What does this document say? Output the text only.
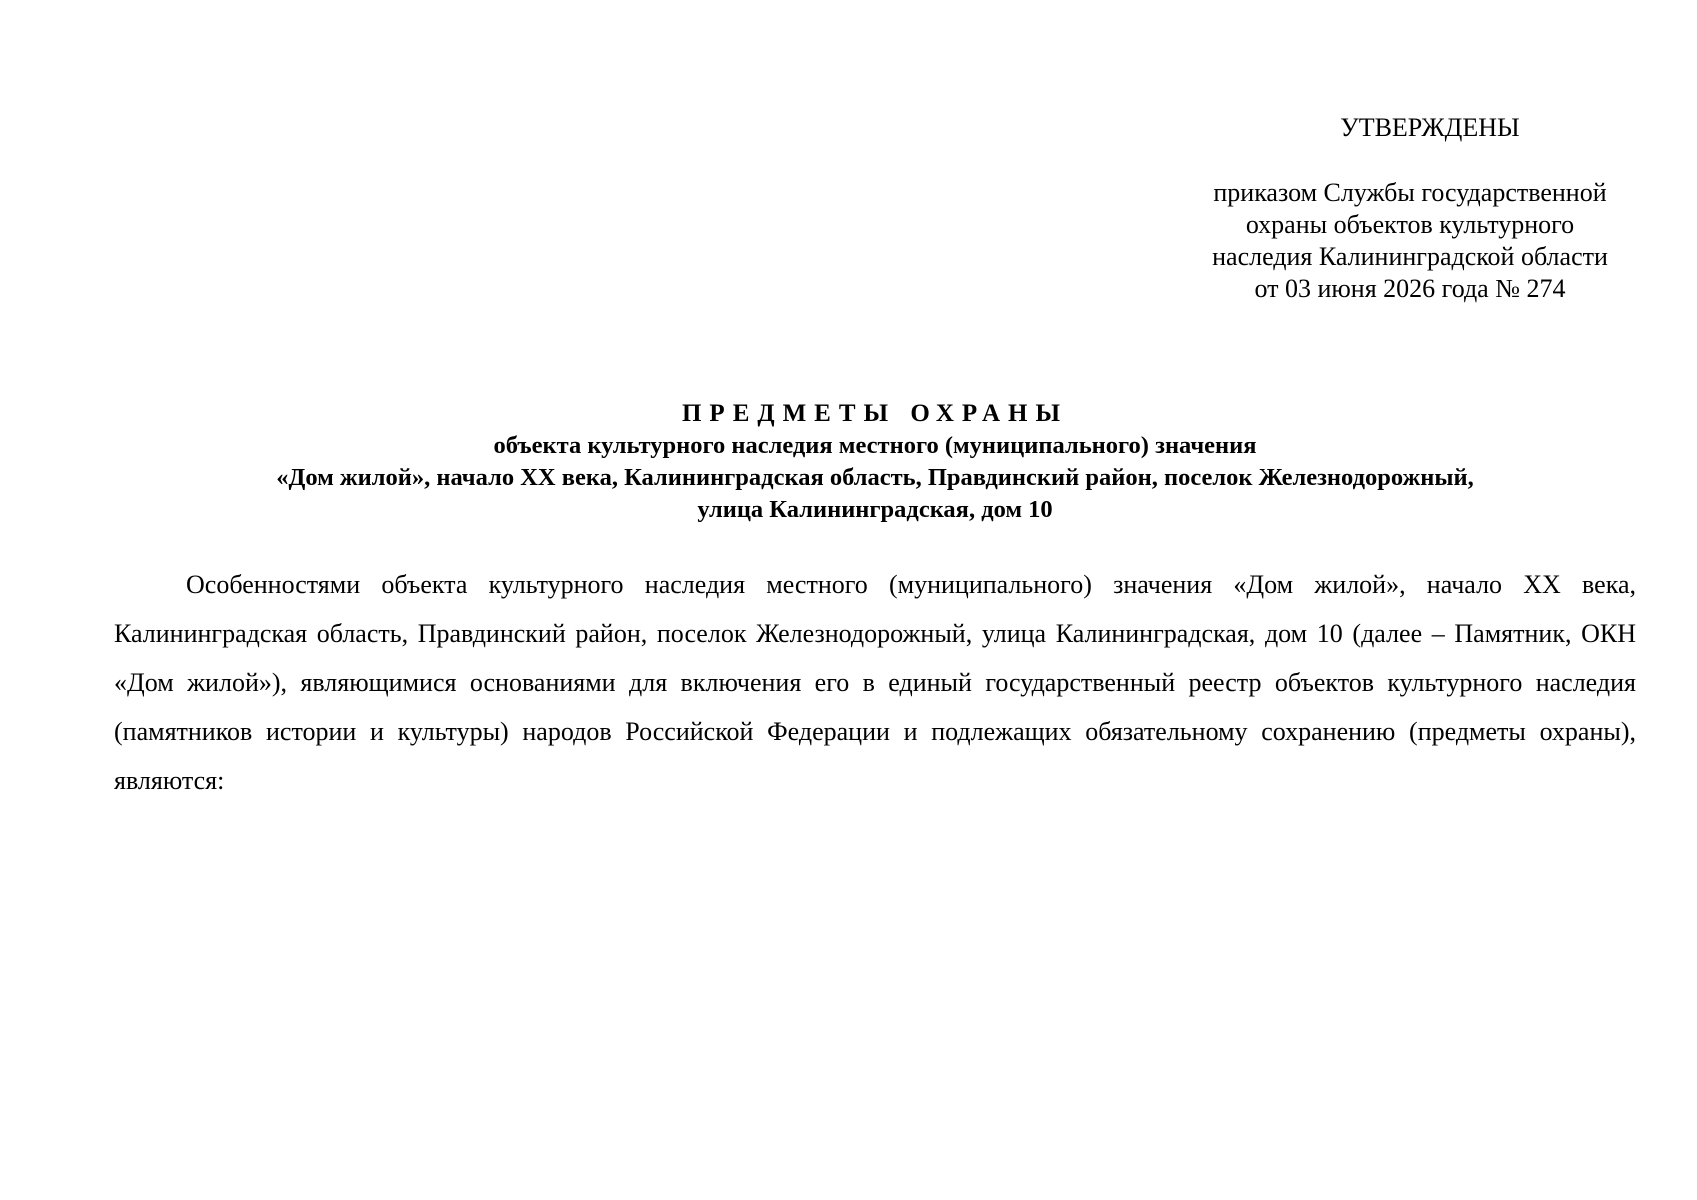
УТВЕРЖДЕНЫ
приказом Службы государственной
охраны объектов культурного
наследия Калининградской области
от 03 июня 2026 года № 274
ПРЕДМЕТЫ ОХРАНЫ
объекта культурного наследия местного (муниципального) значения
«Дом жилой», начало XX века, Калининградская область, Правдинский район, поселок Железнодорожный,
улица Калининградская, дом 10

Особенностями объекта культурного наследия местного (муниципального) значения «Дом жилой», начало XX века, Калининградская область, Правдинский район, поселок Железнодорожный, улица Калининградская, дом 10 (далее – Памятник, ОКН «Дом жилой»), являющимися основаниями для включения его в единый государственный реестр объектов культурного наследия (памятников истории и культуры) народов Российской Федерации и подлежащих обязательному сохранению (предметы охраны), являются:
